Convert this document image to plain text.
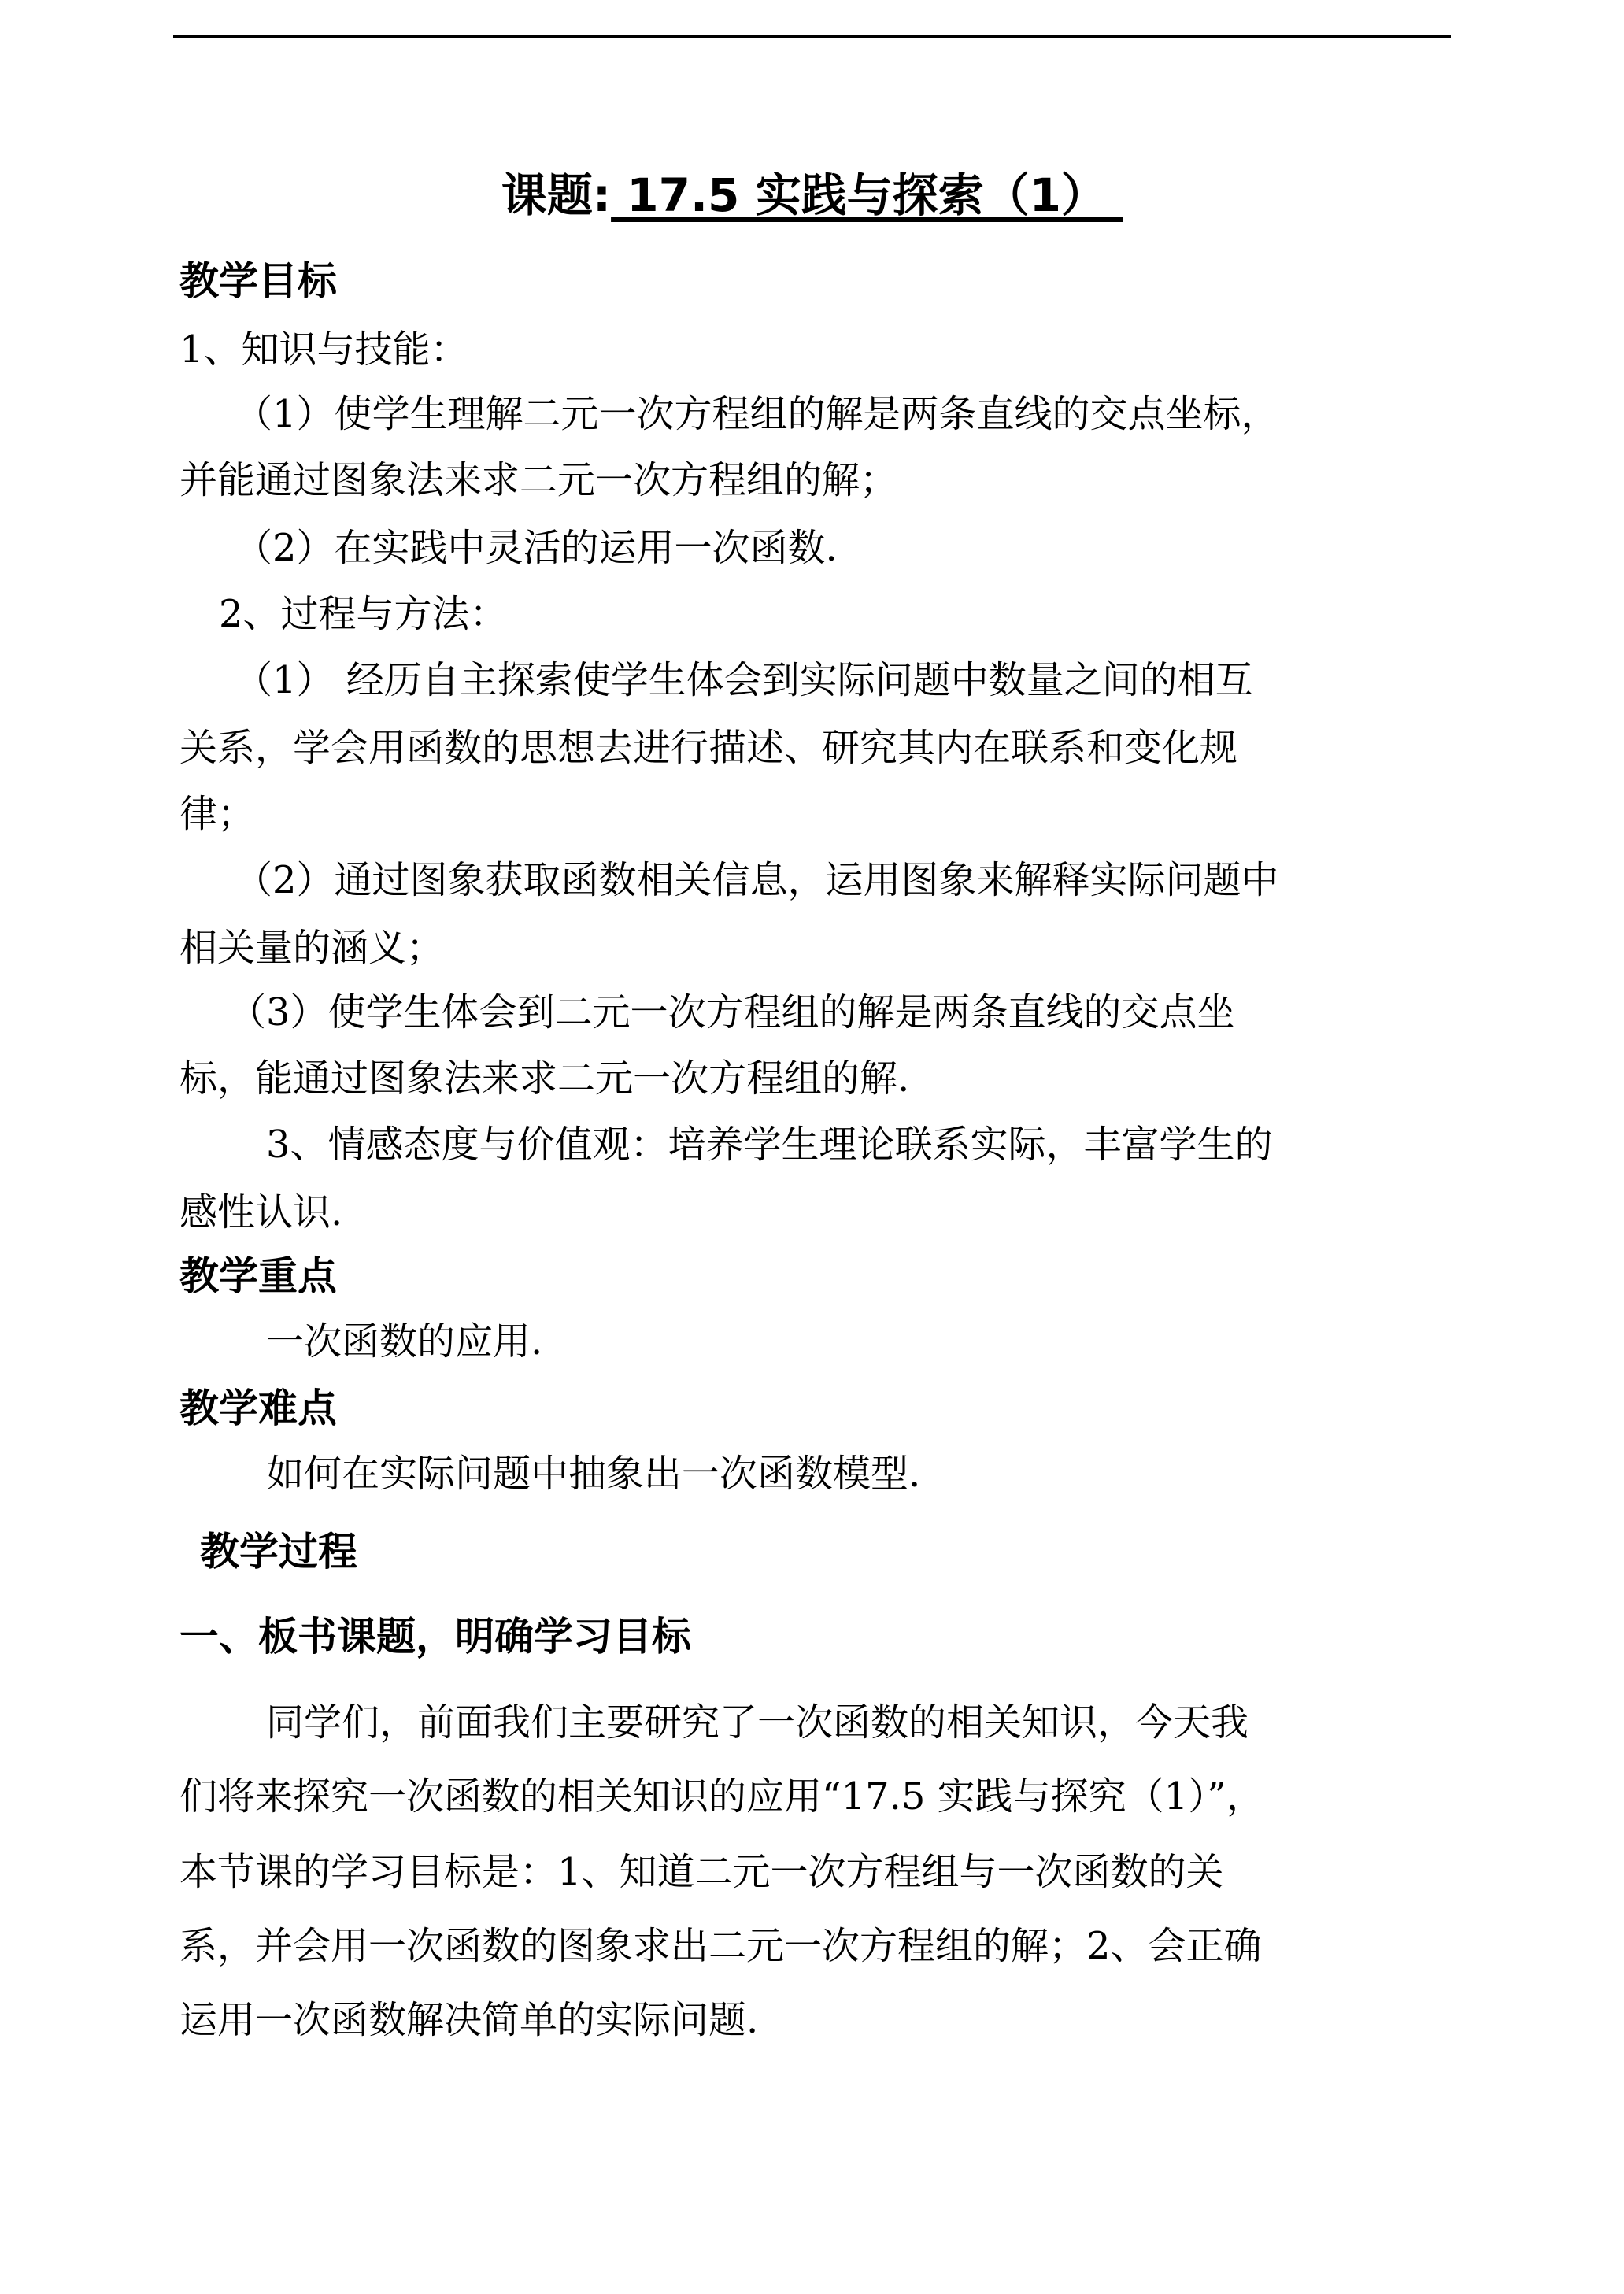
课题: 17.5 实践与探索（1）
教学目标
1、知识与技能：
（1）使学生理解二元一次方程组的解是两条直线的交点坐标，
并能通过图象法来求二元一次方程组的解；
（2）在实践中灵活的运用一次函数.
2、过程与方法：
（1） 经历自主探索使学生体会到实际问题中数量之间的相互
关系，学会用函数的思想去进行描述、研究其内在联系和变化规
律；
（2）通过图象获取函数相关信息，运用图象来解释实际问题中
相关量的涵义；
（3）使学生体会到二元一次方程组的解是两条直线的交点坐
标，能通过图象法来求二元一次方程组的解.
3、情感态度与价值观：培养学生理论联系实际，丰富学生的
感性认识.
教学重点
一次函数的应用.
教学难点
如何在实际问题中抽象出一次函数模型.
教学过程
一、板书课题，明确学习目标
同学们，前面我们主要研究了一次函数的相关知识，今天我
们将来探究一次函数的相关知识的应用“17.5 实践与探究（1）”，
本节课的学习目标是：1、知道二元一次方程组与一次函数的关
系，并会用一次函数的图象求出二元一次方程组的解；2、会正确
运用一次函数解决简单的实际问题.
